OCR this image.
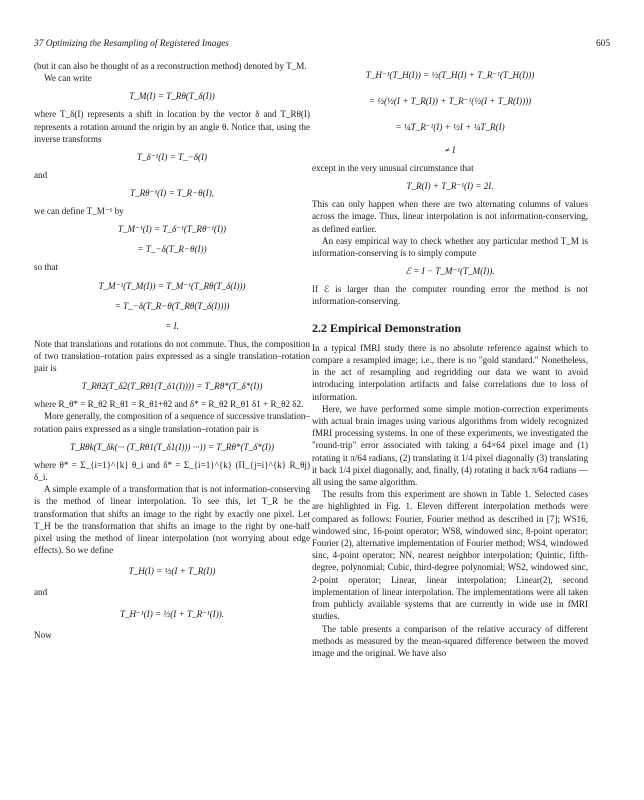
37 Optimizing the Resampling of Registered Images	605

(but it can also be thought of as a reconstruction method) denoted by T_M.

We can write

T_M(I) = T_Rθ(T_δ(I))

where T_δ(I) represents a shift in location by the vector δ and T_Rθ(I) represents a rotation around the origin by an angle θ. Notice that, using the inverse transforms

T_δ⁻¹(I) = T_−δ(I)

and

T_Rθ⁻¹(I) = T_R−θ(I),

we can define T_M⁻¹ by

T_M⁻¹(I) = T_δ⁻¹(T_Rθ⁻¹(I))
= T_−δ(T_R−θ(I))

so that

T_M⁻¹(T_M(I)) = T_M⁻¹(T_Rθ(T_δ(I)))
= T_−δ(T_R−θ(T_Rθ(T_δ(I))))
= I.

Note that translations and rotations do not commute. Thus, the composition of two translation–rotation pairs expressed as a single translation–rotation pair is

T_Rθ2(T_δ2(T_Rθ1(T_δ1(I)))) = T_Rθ*(T_δ*(I))

where R_θ* = R_θ2 R_θ1 = R_θ1+θ2 and δ* = R_θ2 R_θ1 δ1 + R_θ2 δ2.

More generally, the composition of a sequence of successive translation–rotation pairs expressed as a single translation–rotation pair is

T_Rθk(T_δk(··· (T_Rθ1(T_δ1(I))) ···)) = T_Rθ*(T_δ*(I))

where θ* = Σ_{i=1}^{k} θ_i and δ* = Σ_{i=1}^{k} (Π_{j=i}^{k} R_θj) δ_i.

A simple example of a transformation that is not information-conserving is the method of linear interpolation. To see this, let T_R be the transformation that shifts an image to the right by exactly one pixel. Let T_H be the transformation that shifts an image to the right by one-half pixel using the method of linear interpolation (not worrying about edge effects). So we define

T_H(I) = ½(I + T_R(I))

and

T_H⁻¹(I) = ½(I + T_R⁻¹(I)).

Now

T_H⁻¹(T_H(I)) = ½(T_H(I) + T_R⁻¹(T_H(I)))
= ½(½(I + T_R(I)) + T_R⁻¹(½(I + T_R(I))))
= ¼T_R⁻¹(I) + ½I + ¼T_R(I)
≠ I

except in the very unusual circumstance that

T_R(I) + T_R⁻¹(I) = 2I.

This can only happen when there are two alternating columns of values across the image. Thus, linear interpolation is not information-conserving, as defined earlier.

An easy empirical way to check whether any particular method T_M is information-conserving is to simply compute

ℰ = I − T_M⁻¹(T_M(I)).

If ℰ is larger than the computer rounding error the method is not information-conserving.

2.2 Empirical Demonstration

In a typical fMRI study there is no absolute reference against which to compare a resampled image; i.e., there is no "gold standard." Nonetheless, in the act of resampling and regridding our data we want to avoid introducing interpolation artifacts and false correlations due to loss of information.

Here, we have performed some simple motion-correction experiments with actual brain images using various algorithms from widely recognized fMRI processing systems. In one of these experiments, we investigated the "round-trip" error associated with taking a 64×64 pixel image and (1) rotating it π/64 radians, (2) translating it 1/4 pixel diagonally (3) translating it back 1/4 pixel diagonally, and, finally, (4) rotating it back π/64 radians — all using the same algorithm.

The results from this experiment are shown in Table 1. Selected cases are highlighted in Fig. 1. Eleven different interpolation methods were compared as follows: Fourier, Fourier method as described in [7]; WS16, windowed sinc, 16-point operator; WS8, windowed sinc, 8-point operator; Fourier (2), alternative implementation of Fourier method; WS4, windowed sinc, 4-point operator; NN, nearest neighbor interpolation; Quintic, fifth-degree, polynomial; Cubic, third-degree polynomial; WS2, windowed sinc, 2-point operator; Linear, linear interpolation; Linear(2), second implementation of linear interpolation. The implementations were all taken from publicly available systems that are currently in wide use in fMRI studies.

The table presents a comparison of the relative accuracy of different methods as measured by the mean-squared difference between the moved image and the original. We have also
